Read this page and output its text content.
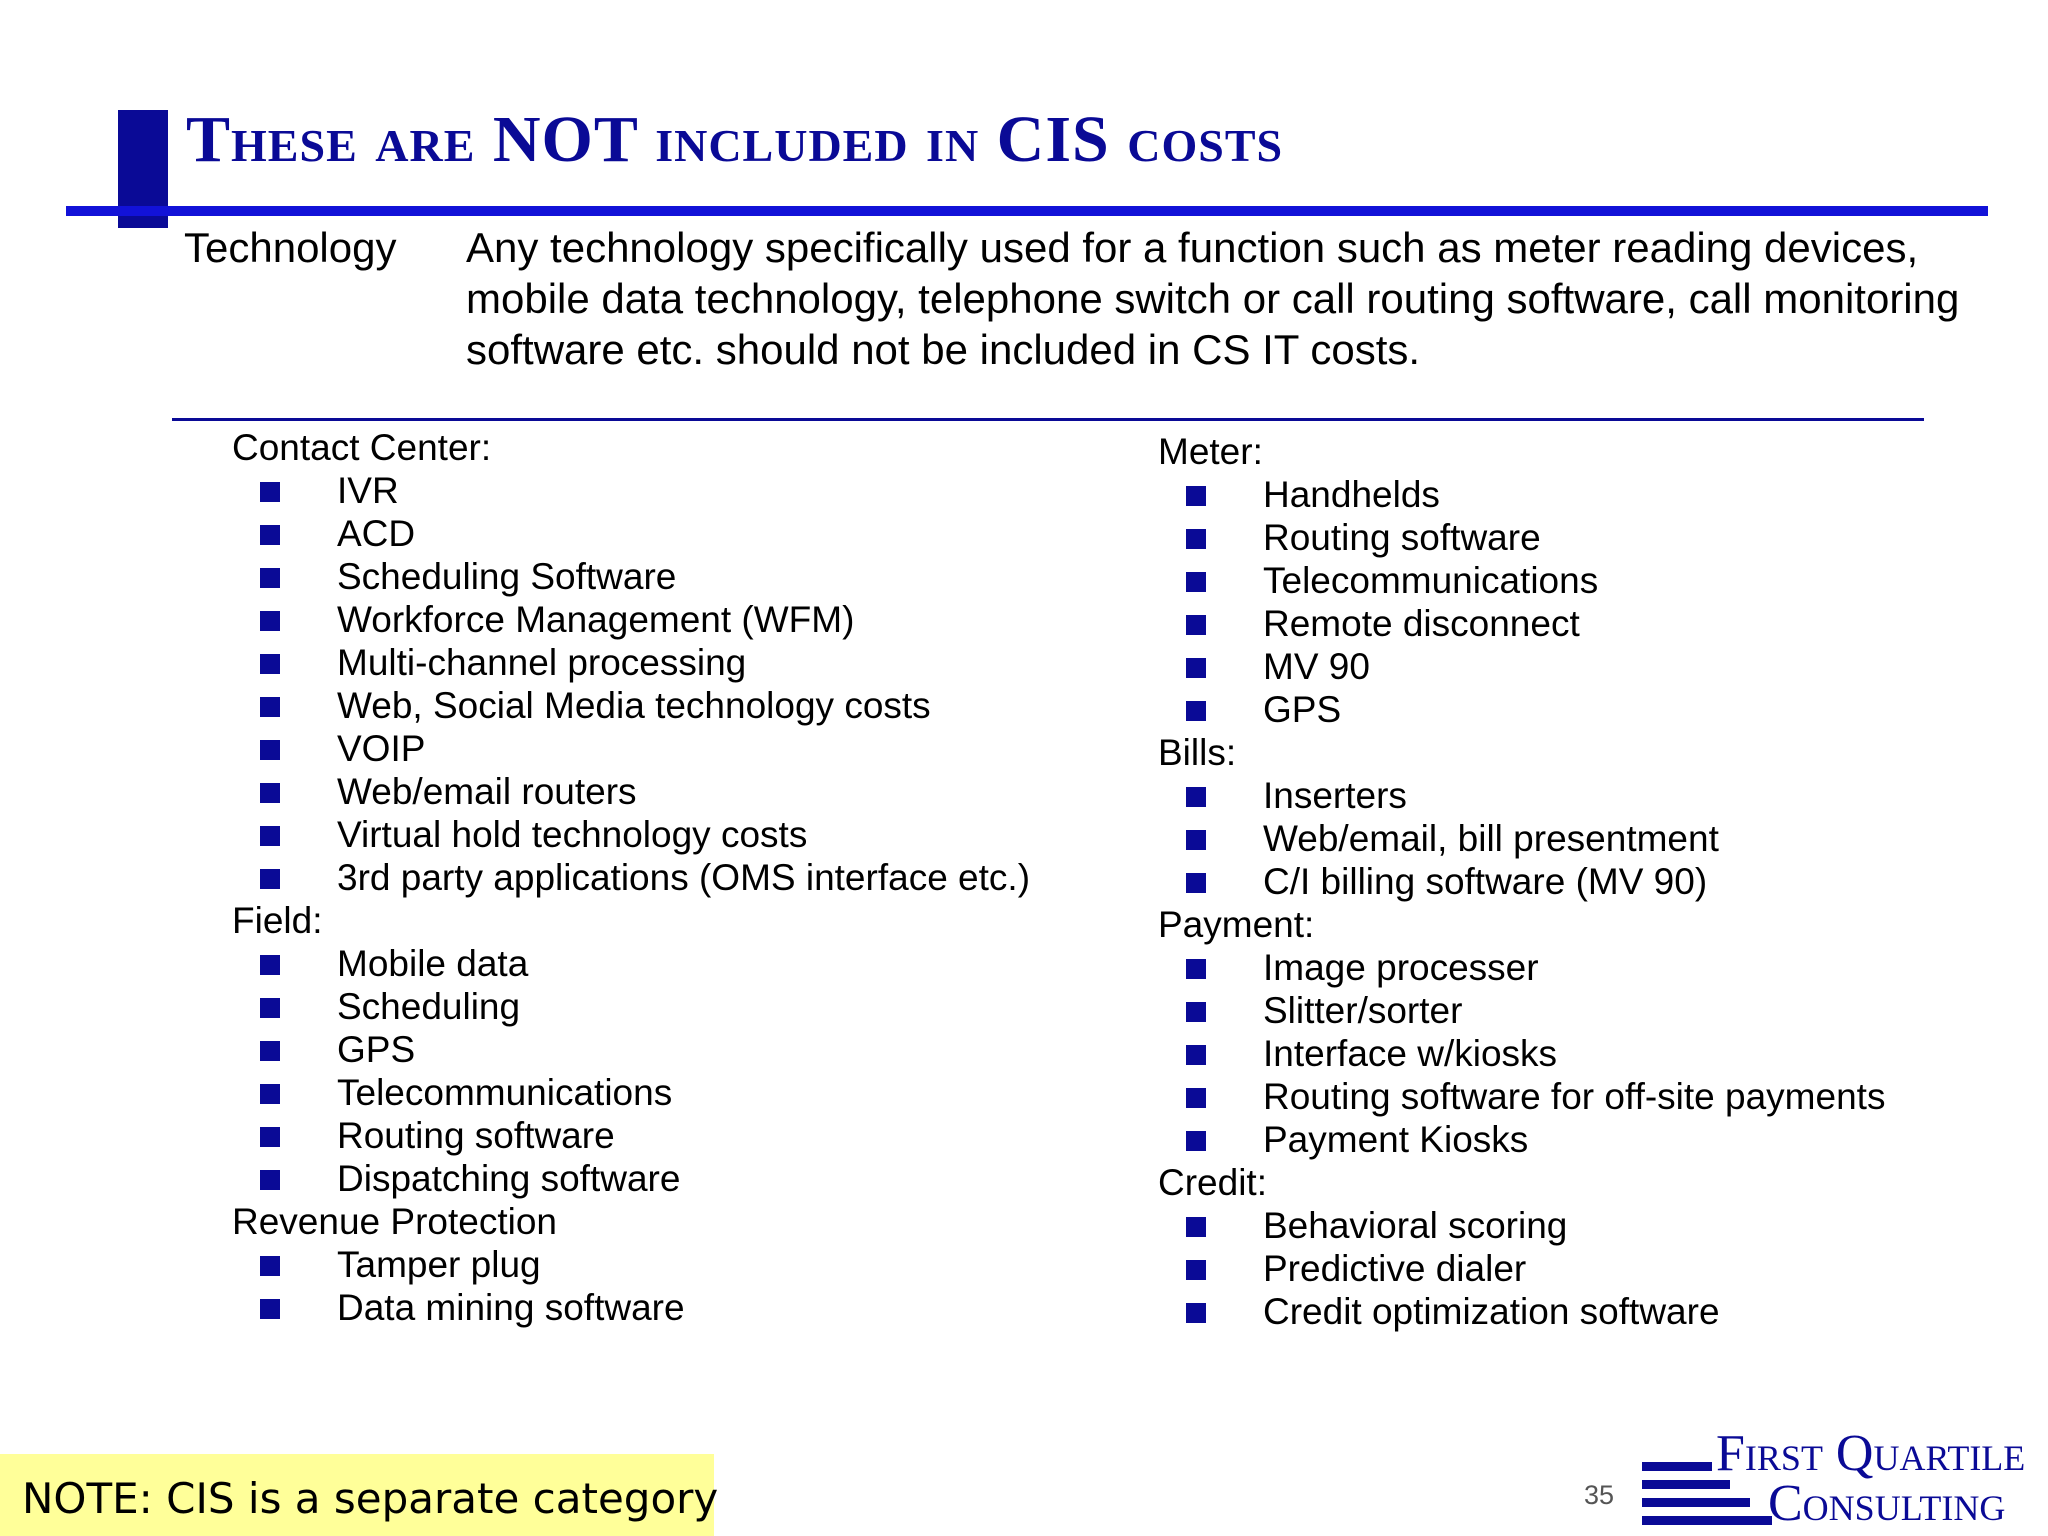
These are NOT included in CIS costs
Technology Any technology specifically used for a function such as meter reading devices, mobile data technology, telephone switch or call routing software, call monitoring software etc. should not be included in CS IT costs.
Contact Center:
IVR
ACD
Scheduling Software
Workforce Management (WFM)
Multi-channel processing
Web, Social Media technology costs
VOIP
Web/email routers
Virtual hold technology costs
3rd party applications (OMS interface etc.)
Field:
Mobile data
Scheduling
GPS
Telecommunications
Routing software
Dispatching software
Revenue Protection
Tamper plug
Data mining software
Meter:
Handhelds
Routing software
Telecommunications
Remote disconnect
MV 90
GPS
Bills:
Inserters
Web/email, bill presentment
C/I billing software (MV 90)
Payment:
Image processer
Slitter/sorter
Interface w/kiosks
Routing software for off-site payments
Payment Kiosks
Credit:
Behavioral scoring
Predictive dialer
Credit optimization software
NOTE: CIS is a separate category	35
First Quartile
Consulting
